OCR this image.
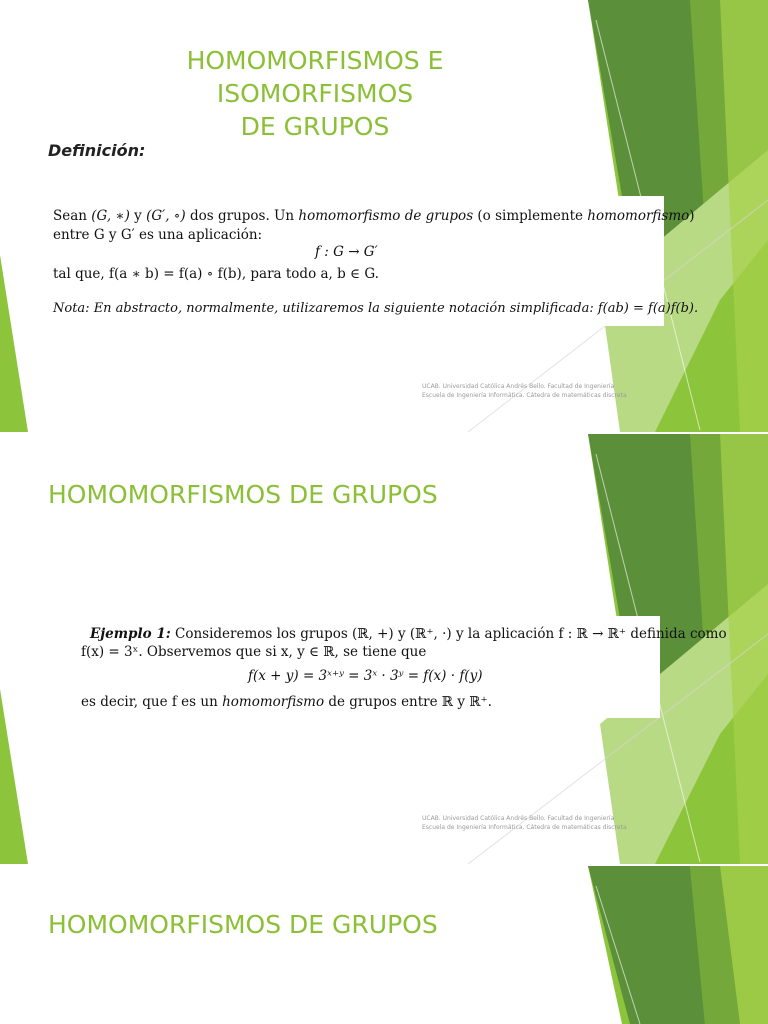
HOMOMORFISMOS E ISOMORFISMOS
DE GRUPOS
Definición:
Sean (G, ∗) y (G′, ∘) dos grupos. Un homomorfismo de grupos (o simplemente homomorfismo)
entre G y G′ es una aplicación:
f : G → G′
tal que, f(a ∗ b) = f(a) ∘ f(b), para todo a, b ∈ G.
Nota: En abstracto, normalmente, utilizaremos la siguiente notación simplificada: f(ab) = f(a)f(b).
UCAB. Universidad Católica Andrés Bello. Facultad de Ingeniería
Escuela de Ingeniería Informática. Cátedra de matemáticas discreta
HOMOMORFISMOS DE GRUPOS
Ejemplo 1: Consideremos los grupos (ℝ, +) y (ℝ⁺, ·) y la aplicación f : ℝ → ℝ⁺ definida como
f(x) = 3ˣ. Observemos que si x, y ∈ ℝ, se tiene que
f(x + y) = 3ˣ⁺ʸ = 3ˣ · 3ʸ = f(x) · f(y)
es decir, que f es un homomorfismo de grupos entre ℝ y ℝ⁺.
UCAB. Universidad Católica Andrés Bello. Facultad de Ingeniería
Escuela de Ingeniería Informática. Cátedra de matemáticas discreta
HOMOMORFISMOS DE GRUPOS
